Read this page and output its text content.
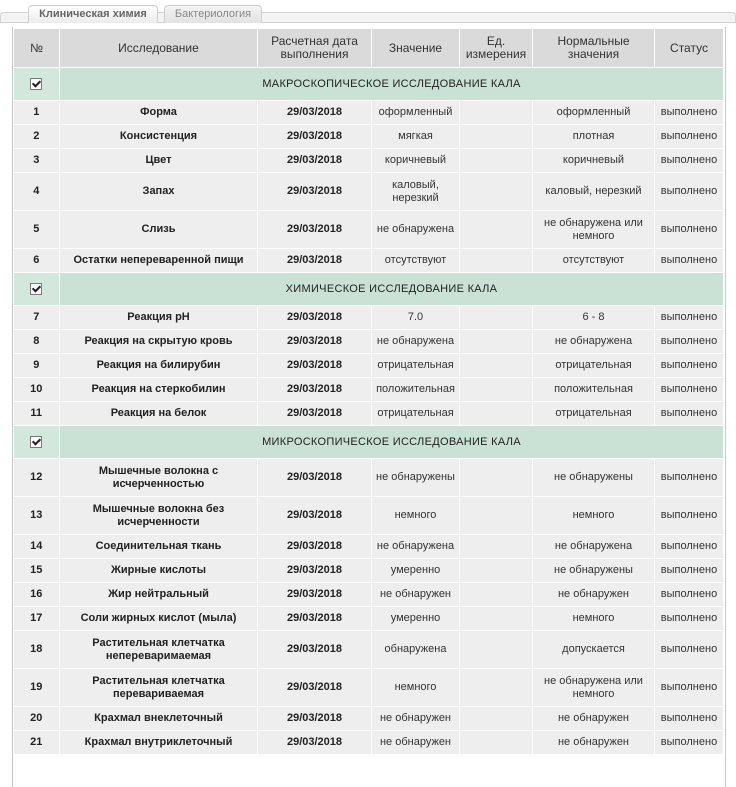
Клиническая химия	Бактериология
№	Исследование	Расчетная дата выполнения	Значение	Ед. измерения	Нормальные значения	Статус
	МАКРОСКОПИЧЕСКОЕ ИССЛЕДОВАНИЕ КАЛА					
1	Форма	29/03/2018	оформленный		оформленный	выполнено
2	Консистенция	29/03/2018	мягкая		плотная	выполнено
3	Цвет	29/03/2018	коричневый		коричневый	выполнено
4	Запах	29/03/2018	каловый, нерезкий		каловый, нерезкий	выполнено
5	Слизь	29/03/2018	не обнаружена		не обнаружена или немного	выполнено
6	Остатки непереваренной пищи	29/03/2018	отсутствуют		отсутствуют	выполнено
	ХИМИЧЕСКОЕ ИССЛЕДОВАНИЕ КАЛА					
7	Реакция pH	29/03/2018	7.0		6 - 8	выполнено
8	Реакция на скрытую кровь	29/03/2018	не обнаружена		не обнаружена	выполнено
9	Реакция на билирубин	29/03/2018	отрицательная		отрицательная	выполнено
10	Реакция на стеркобилин	29/03/2018	положительная		положительная	выполнено
11	Реакция на белок	29/03/2018	отрицательная		отрицательная	выполнено
	МИКРОСКОПИЧЕСКОЕ ИССЛЕДОВАНИЕ КАЛА					
12	Мышечные волокна с исчерченностью	29/03/2018	не обнаружены		не обнаружены	выполнено
13	Мышечные волокна без исчерченности	29/03/2018	немного		немного	выполнено
14	Соединительная ткань	29/03/2018	не обнаружена		не обнаружена	выполнено
15	Жирные кислоты	29/03/2018	умеренно		не обнаружены	выполнено
16	Жир нейтральный	29/03/2018	не обнаружен		не обнаружен	выполнено
17	Соли жирных кислот (мыла)	29/03/2018	умеренно		немного	выполнено
18	Растительная клетчатка непереваримаемая	29/03/2018	обнаружена		допускается	выполнено
19	Растительная клетчатка перевариваемая	29/03/2018	немного		не обнаружена или немного	выполнено
20	Крахмал внеклеточный	29/03/2018	не обнаружен		не обнаружен	выполнено
21	Крахмал внутриклеточный	29/03/2018	не обнаружен		не обнаружен	выполнено
